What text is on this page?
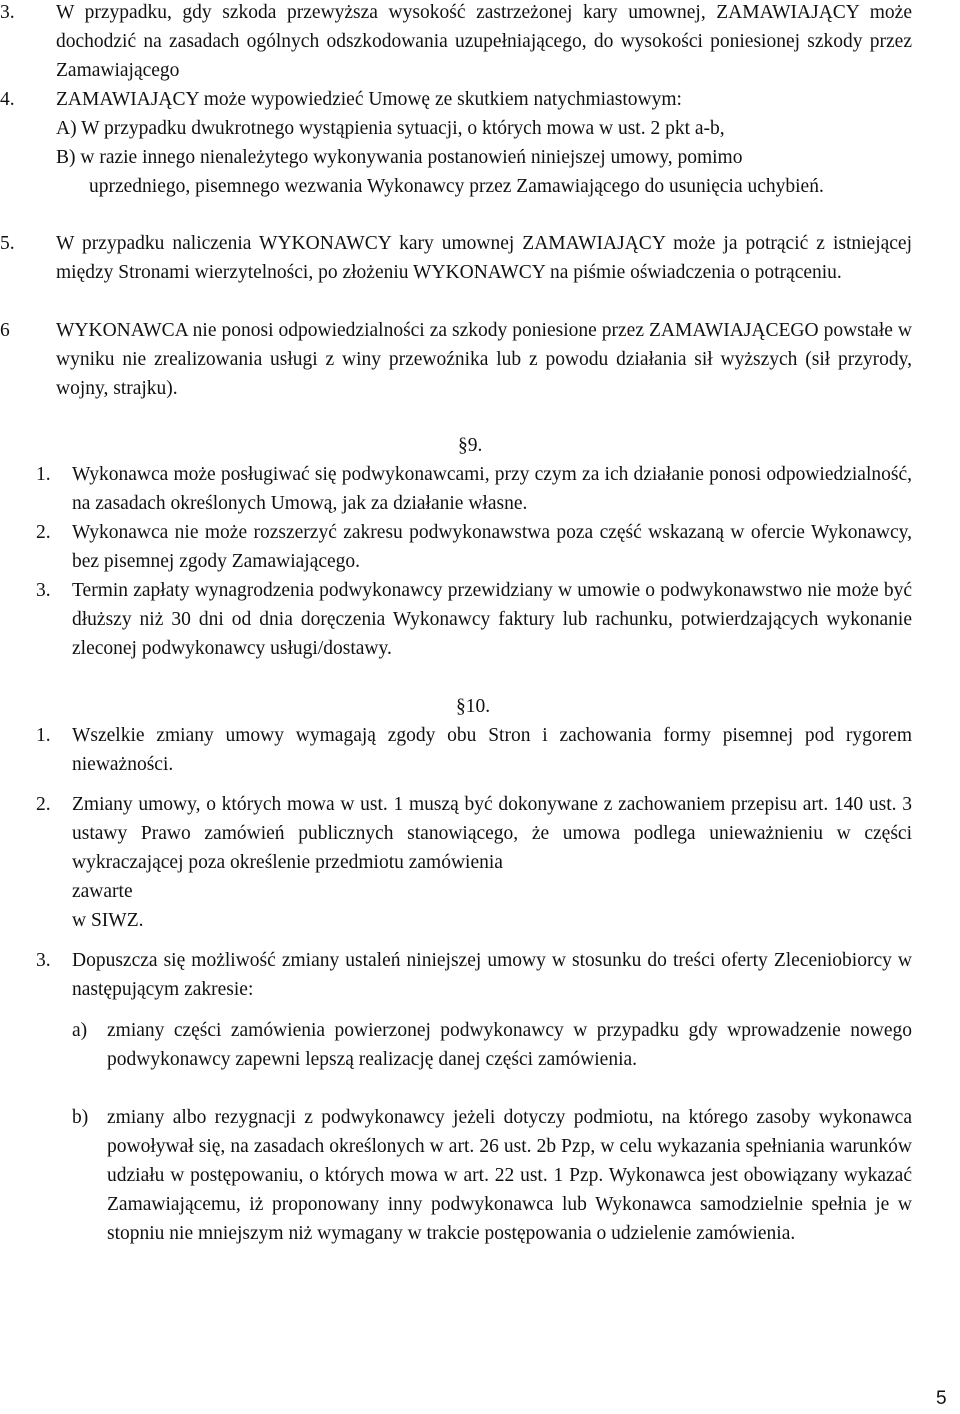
3. W przypadku, gdy szkoda przewyższa wysokość zastrzeżonej kary umownej, ZAMAWIAJĄCY może dochodzić na zasadach ogólnych odszkodowania uzupełniającego, do wysokości poniesionej szkody przez Zamawiającego
4. ZAMAWIAJĄCY może wypowiedzieć Umowę ze skutkiem natychmiastowym:
A) W przypadku dwukrotnego wystąpienia sytuacji, o których mowa w ust. 2 pkt a-b,
B) w razie innego nienależytego wykonywania postanowień niniejszej umowy, pomimo
uprzedniego, pisemnego wezwania Wykonawcy przez Zamawiającego do usunięcia uchybień.
5. W przypadku naliczenia WYKONAWCY kary umownej ZAMAWIAJĄCY może ja potrącić z istniejącej między Stronami wierzytelności, po złożeniu WYKONAWCY na piśmie oświadczenia o potrąceniu.
6 WYKONAWCA nie ponosi odpowiedzialności za szkody poniesione przez ZAMAWIAJĄCEGO powstałe w wyniku nie zrealizowania usługi z winy przewoźnika lub z powodu działania sił wyższych (sił przyrody, wojny, strajku).
§9.
1. Wykonawca może posługiwać się podwykonawcami, przy czym za ich działanie ponosi odpowiedzialność, na zasadach określonych Umową, jak za działanie własne.
2. Wykonawca nie może rozszerzyć zakresu podwykonawstwa poza część wskazaną w ofercie Wykonawcy, bez pisemnej zgody Zamawiającego.
3. Termin zapłaty wynagrodzenia podwykonawcy przewidziany w umowie o podwykonawstwo nie może być dłuższy niż 30 dni od dnia doręczenia Wykonawcy faktury lub rachunku, potwierdzających wykonanie zleconej podwykonawcy usługi/dostawy.
§10.
1. Wszelkie zmiany umowy wymagają zgody obu Stron i zachowania formy pisemnej pod rygorem nieważności.
2. Zmiany umowy, o których mowa w ust. 1 muszą być dokonywane z zachowaniem przepisu art. 140 ust. 3 ustawy Prawo zamówień publicznych stanowiącego, że umowa podlega unieważnieniu w części wykraczającej poza określenie przedmiotu zamówienia
zawarte
w SIWZ.
3. Dopuszcza się możliwość zmiany ustaleń niniejszej umowy w stosunku do treści oferty Zleceniobiorcy w następującym zakresie:
a) zmiany części zamówienia powierzonej podwykonawcy w przypadku gdy wprowadzenie nowego podwykonawcy zapewni lepszą realizację danej części zamówienia.
b) zmiany albo rezygnacji z podwykonawcy jeżeli dotyczy podmiotu, na którego zasoby wykonawca powoływał się, na zasadach określonych w art. 26 ust. 2b Pzp, w celu wykazania spełniania warunków udziału w postępowaniu, o których mowa w art. 22 ust. 1 Pzp. Wykonawca jest obowiązany wykazać Zamawiającemu, iż proponowany inny podwykonawca lub Wykonawca samodzielnie spełnia je w stopniu nie mniejszym niż wymagany w trakcie postępowania o udzielenie zamówienia.
5
